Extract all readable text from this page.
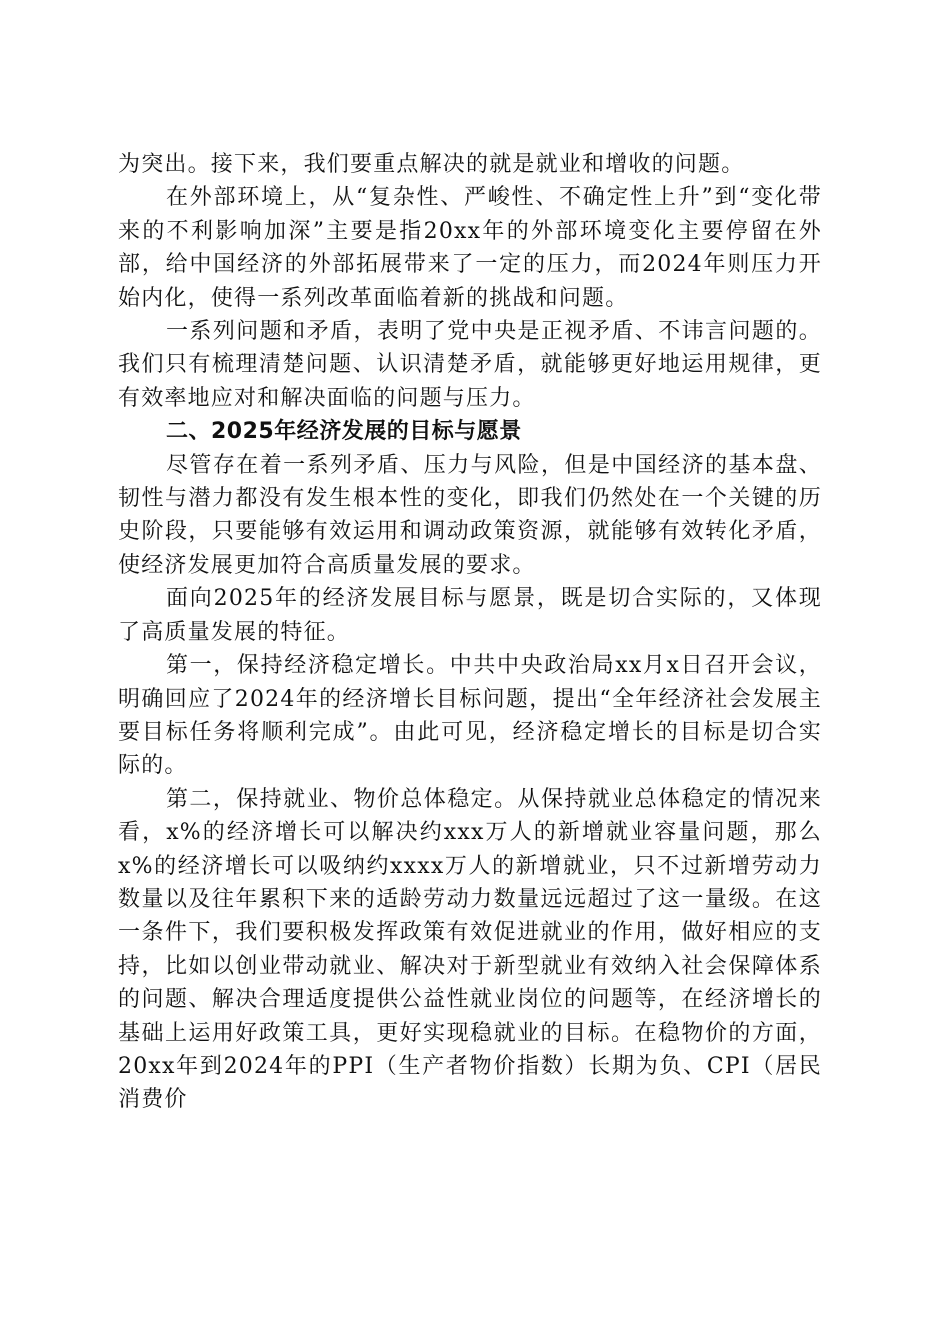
为突出。接下来，我们要重点解决的就是就业和增收的问题。

在外部环境上，从“复杂性、严峻性、不确定性上升”到“变化带来的不利影响加深”主要是指20xx年的外部环境变化主要停留在外部，给中国经济的外部拓展带来了一定的压力，而2024年则压力开始内化，使得一系列改革面临着新的挑战和问题。

一系列问题和矛盾，表明了党中央是正视矛盾、不讳言问题的。我们只有梳理清楚问题、认识清楚矛盾，就能够更好地运用规律，更有效率地应对和解决面临的问题与压力。

二、2025年经济发展的目标与愿景

尽管存在着一系列矛盾、压力与风险，但是中国经济的基本盘、韧性与潜力都没有发生根本性的变化，即我们仍然处在一个关键的历史阶段，只要能够有效运用和调动政策资源，就能够有效转化矛盾，使经济发展更加符合高质量发展的要求。

面向2025年的经济发展目标与愿景，既是切合实际的，又体现了高质量发展的特征。

第一，保持经济稳定增长。中共中央政治局xx月x日召开会议，明确回应了2024年的经济增长目标问题，提出“全年经济社会发展主要目标任务将顺利完成”。由此可见，经济稳定增长的目标是切合实际的。

第二，保持就业、物价总体稳定。从保持就业总体稳定的情况来看，x%的经济增长可以解决约xxx万人的新增就业容量问题，那么x%的经济增长可以吸纳约xxxx万人的新增就业，只不过新增劳动力数量以及往年累积下来的适龄劳动力数量远远超过了这一量级。在这一条件下，我们要积极发挥政策有效促进就业的作用，做好相应的支持，比如以创业带动就业、解决对于新型就业有效纳入社会保障体系的问题、解决合理适度提供公益性就业岗位的问题等，在经济增长的基础上运用好政策工具，更好实现稳就业的目标。在稳物价的方面，20xx年到2024年的PPI（生产者物价指数）长期为负、CPI（居民消费价
